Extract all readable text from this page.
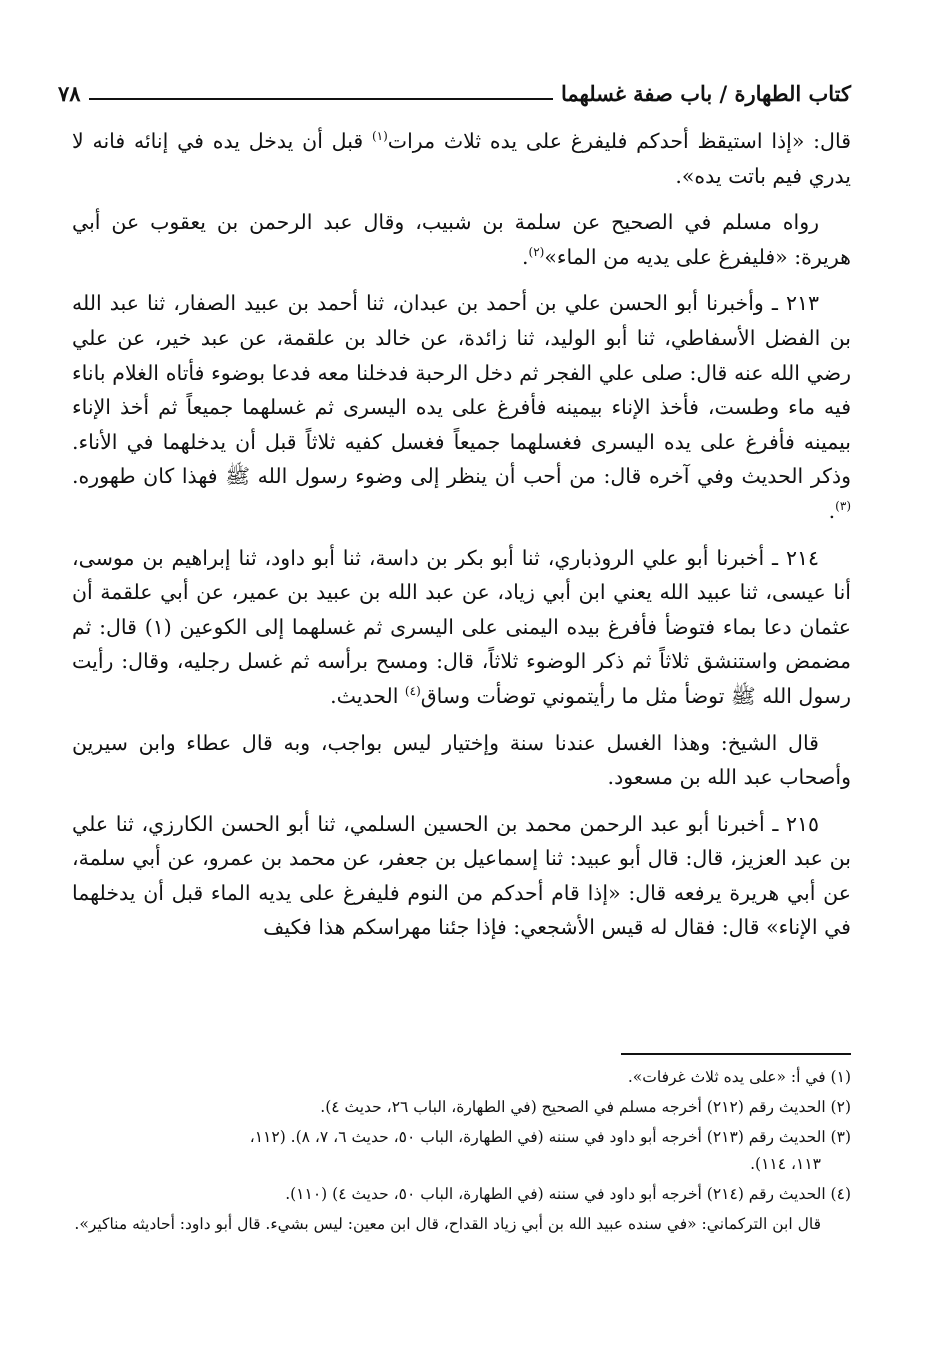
كتاب الطهارة / باب صفة غسلهما
٧٨

قال: «إذا استيقظ أحدكم فليفرغ على يده ثلاث مرات$^{(١)}$ قبل أن يدخل يده في إنائه فانه لا يدري فيم باتت يده».

رواه مسلم في الصحيح عن سلمة بن شبيب، وقال عبد الرحمن بن يعقوب عن أبي هريرة: «فليفرغ على يديه من الماء»$^{(٢)}$.

٢١٣ ـ وأخبرنا أبو الحسن علي بن أحمد بن عبدان، ثنا أحمد بن عبيد الصفار، ثنا عبد الله بن الفضل الأسفاطي، ثنا أبو الوليد، ثنا زائدة، عن خالد بن علقمة، عن عبد خير، عن علي رضي الله عنه قال: صلى علي الفجر ثم دخل الرحبة فدخلنا معه فدعا بوضوء فأتاه الغلام باناء فيه ماء وطست، فأخذ الإناء بيمينه فأفرغ على يده اليسرى ثم غسلهما جميعاً ثم أخذ الإناء بيمينه فأفرغ على يده اليسرى فغسلهما جميعاً فغسل كفيه ثلاثاً قبل أن يدخلهما في الأناء. وذكر الحديث وفي آخره قال: من أحب أن ينظر إلى وضوء رسول الله ﷺ فهذا كان طهوره.$^{(٣)}$.

٢١٤ ـ أخبرنا أبو علي الروذباري، ثنا أبو بكر بن داسة، ثنا أبو داود، ثنا إبراهيم بن موسى، أنا عيسى، ثنا عبيد الله يعني ابن أبي زياد، عن عبد الله بن عبيد بن عمير، عن أبي علقمة أن عثمان دعا بماء فتوضأ فأفرغ بيده اليمنى على اليسرى ثم غسلهما إلى الكوعين (١) قال: ثم مضمض واستنشق ثلاثاً ثم ذكر الوضوء ثلاثاً، قال: ومسح برأسه ثم غسل رجليه، وقال: رأيت رسول الله ﷺ توضأ مثل ما رأيتموني توضأت وساق$^{(٤)}$ الحديث.

قال الشيخ: وهذا الغسل عندنا سنة وإختيار ليس بواجب، وبه قال عطاء وابن سيرين وأصحاب عبد الله بن مسعود.

٢١٥ ـ أخبرنا أبو عبد الرحمن محمد بن الحسين السلمي، ثنا أبو الحسن الكارزي، ثنا علي بن عبد العزيز، قال: قال أبو عبيد: ثنا إسماعيل بن جعفر، عن محمد بن عمرو، عن أبي سلمة، عن أبي هريرة يرفعه قال: «إذا قام أحدكم من النوم فليفرغ على يديه الماء قبل أن يدخلهما في الإناء» قال: فقال له قيس الأشجعي: فإذا جئنا مهراسكم هذا فكيف

(١) في أ: «على يده ثلاث غرفات».

(٢) الحديث رقم (٢١٢) أخرجه مسلم في الصحيح (في الطهارة، الباب ٢٦، حديث ٤).

(٣) الحديث رقم (٢١٣) أخرجه أبو داود في سننه (في الطهارة، الباب ٥٠، حديث ٦، ٧، ٨). (١١٢،
١١٣، ١١٤).

(٤) الحديث رقم (٢١٤) أخرجه أبو داود في سننه (في الطهارة، الباب ٥٠، حديث ٤) (١١٠).

قال ابن التركماني: «في سنده عبيد الله بن أبي زياد القداح، قال ابن معين: ليس بشيء. قال أبو داود: أحاديثه مناكير».
